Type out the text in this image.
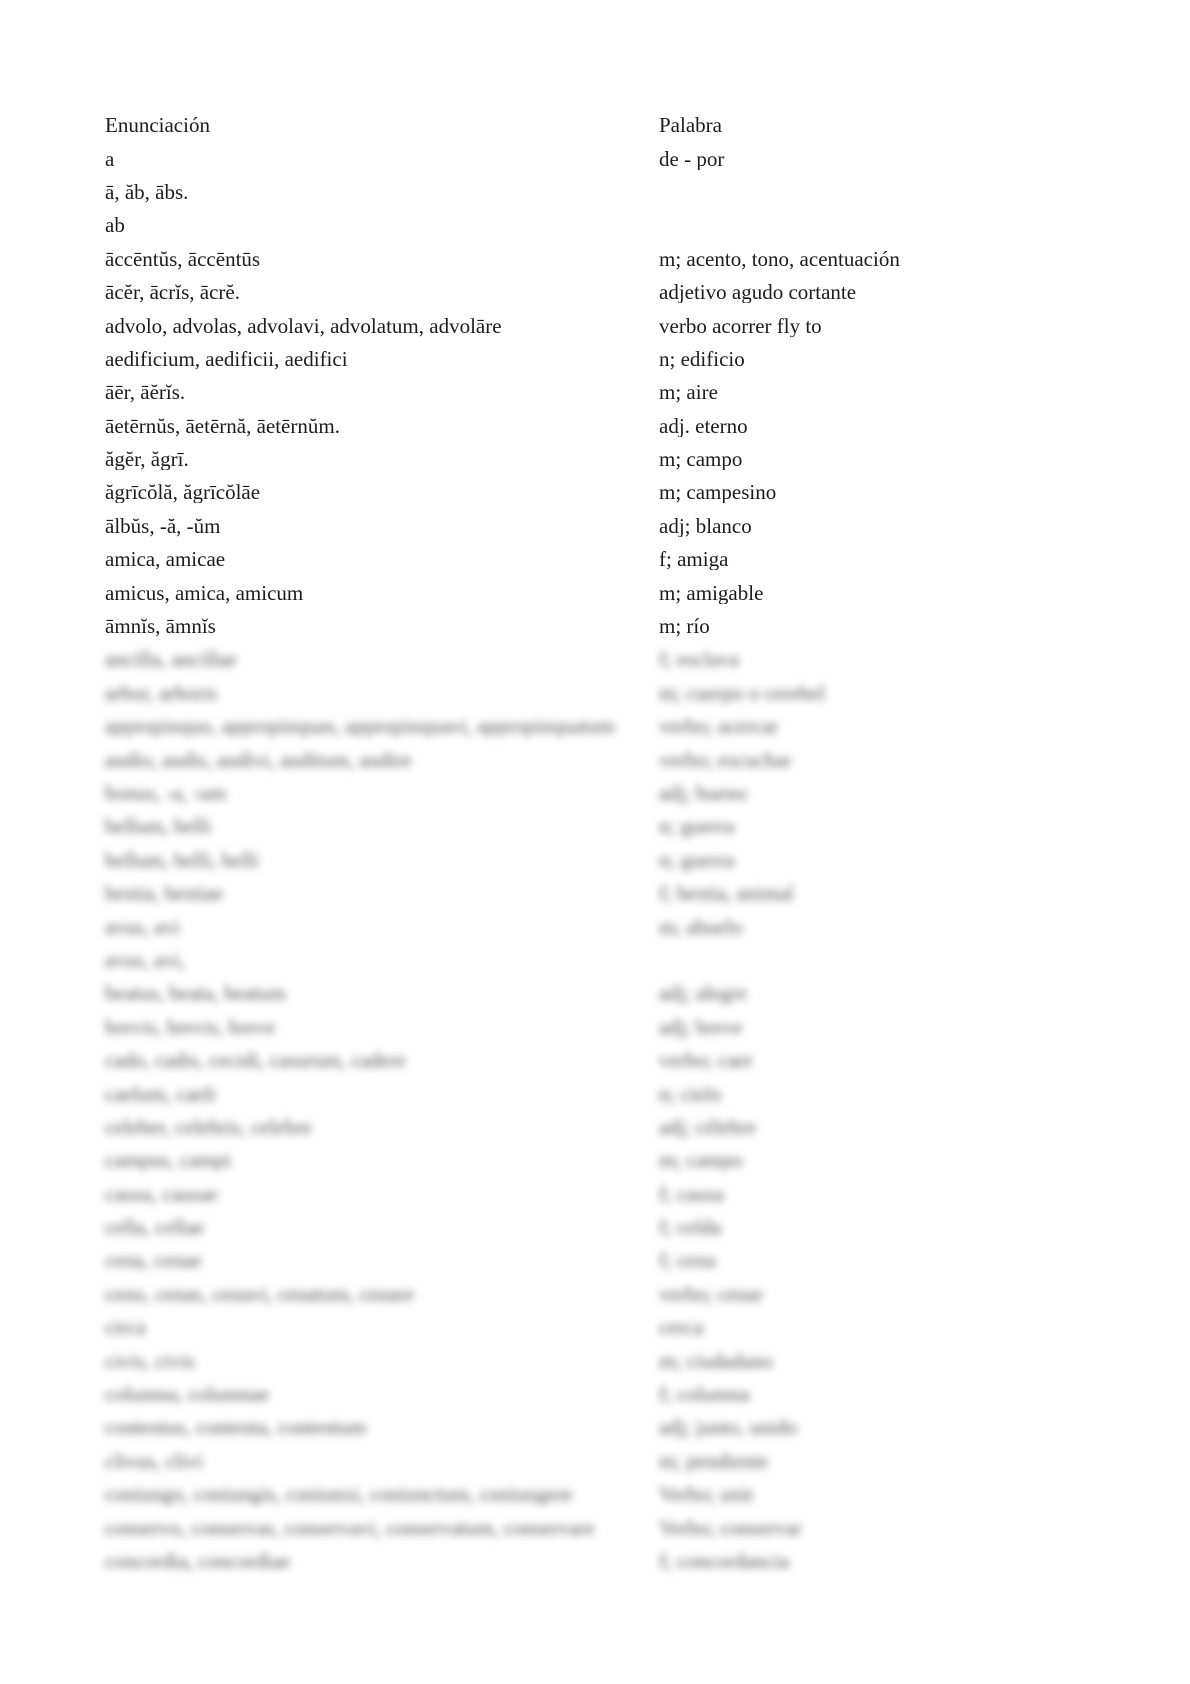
Enunciación	Palabra
a	de - por
ā, ăb, ābs.
ab
āccēntŭs, āccēntūs	m; acento, tono, acentuación
ācĕr, ācrĭs, ācrĕ.	adjetivo agudo cortante
advolo, advolas, advolavi, advolatum, advolāre	verbo acorrer fly to
aedificium, aedificii, aedifici	n; edificio
āēr, āĕrĭs.	m; aire
āetērnŭs, āetērnă, āetērnŭm.	adj. eterno
ăgĕr, ăgrī.	m; campo
ăgrīcŏlă, ăgrīcŏlāe	m; campesino
ālbŭs, -ă, -ŭm	adj; blanco
amica, amicae	f; amiga
amicus, amica, amicum	m; amigable
āmnĭs, āmnĭs	m; río
ancilla, ancillae	f; esclava
arbor, arboris	m; cuerpo o cerebel
appropinquo, appropinquas, appropinquavi, appropinquatum	verbo; acercar
audio, audis, audivi, auditum, audire	verbo; escuchar
bonus, -a, -um	adj; bueno
bellum, belli	n; guerra
bellum, belli, belli	n; guerra
bestia, bestiae	f; bestia, animal
avus, avi	m; abuelo
avus, avi,
beatus, beata, beatum	adj; alegre
brevis, brevis, breve	adj; breve
cado, cadis, cecidi, casurum, cadere	verbo; caer
caelum, caeli	n; cielo
celeber, celebris, celebre	adj; célebre
campus, campi	m; campo
causa, causae	f; causa
cella, cellae	f; celda
cena, cenae	f; cena
ceno, cenas, cenavi, cenatum, cenare	verbo; cenar
circa	cerca
civis, civis	m; ciudadano
columna, columnae	f; columna
contentus, contenta, contentum	adj; junto, unido
clivus, clivi	m; pendiente
coniungo, coniungis, coniunxi, coniunctum, coniungere	Verbo; unir
conservo, conservas, conservavi, conservatum, conservare	Verbo; conservar
concordia, concordiae	f; concordancia
